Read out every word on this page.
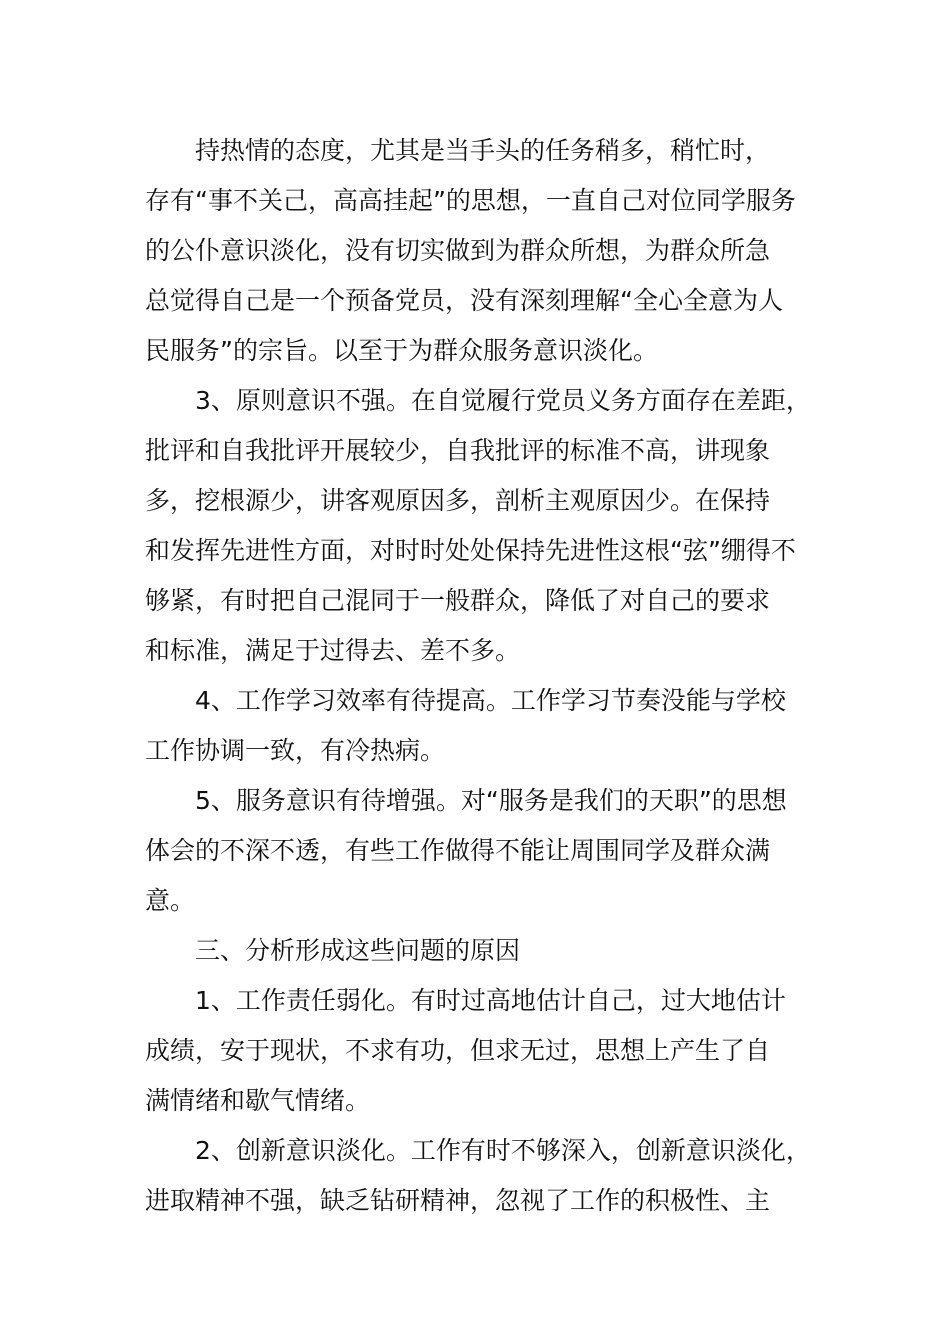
持热情的态度，尤其是当手头的任务稍多，稍忙时，
存有“事不关己，高高挂起”的思想，一直自己对位同学服务
的公仆意识淡化，没有切实做到为群众所想，为群众所急
总觉得自己是一个预备党员，没有深刻理解“全心全意为人
民服务”的宗旨。以至于为群众服务意识淡化。
3、原则意识不强。在自觉履行党员义务方面存在差距，
批评和自我批评开展较少，自我批评的标准不高，讲现象
多，挖根源少，讲客观原因多，剖析主观原因少。在保持
和发挥先进性方面，对时时处处保持先进性这根“弦”绷得不
够紧，有时把自己混同于一般群众，降低了对自己的要求
和标准，满足于过得去、差不多。
4、工作学习效率有待提高。工作学习节奏没能与学校
工作协调一致，有冷热病。
5、服务意识有待增强。对“服务是我们的天职”的思想
体会的不深不透，有些工作做得不能让周围同学及群众满
意。
三、分析形成这些问题的原因
1、工作责任弱化。有时过高地估计自己，过大地估计
成绩，安于现状，不求有功，但求无过，思想上产生了自
满情绪和歇气情绪。
2、创新意识淡化。工作有时不够深入，创新意识淡化，
进取精神不强，缺乏钻研精神，忽视了工作的积极性、主
